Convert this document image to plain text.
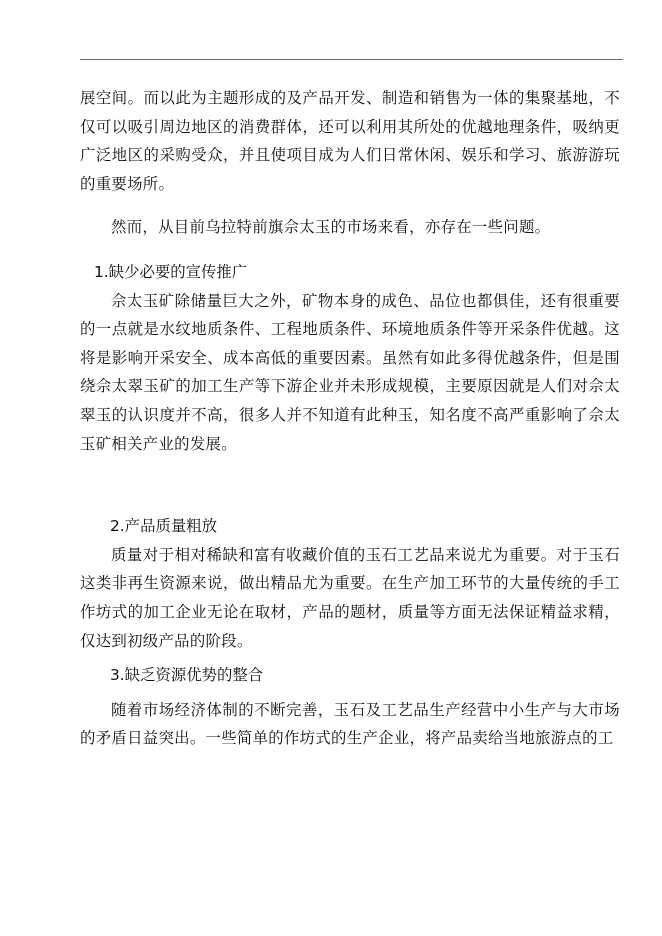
展空间。而以此为主题形成的及产品开发、制造和销售为一体的集聚基地，不仅可以吸引周边地区的消费群体，还可以利用其所处的优越地理条件，吸纳更广泛地区的采购受众，并且使项目成为人们日常休闲、娱乐和学习、旅游游玩的重要场所。

然而，从目前乌拉特前旗佘太玉的市场来看，亦存在一些问题。

1.缺少必要的宣传推广

佘太玉矿除储量巨大之外，矿物本身的成色、品位也都俱佳，还有很重要的一点就是水纹地质条件、工程地质条件、环境地质条件等开采条件优越。这将是影响开采安全、成本高低的重要因素。虽然有如此多得优越条件，但是围绕佘太翠玉矿的加工生产等下游企业并未形成规模，主要原因就是人们对佘太翠玉的认识度并不高，很多人并不知道有此种玉，知名度不高严重影响了佘太玉矿相关产业的发展。

2.产品质量粗放

质量对于相对稀缺和富有收藏价值的玉石工艺品来说尤为重要。对于玉石这类非再生资源来说，做出精品尤为重要。在生产加工环节的大量传统的手工作坊式的加工企业无论在取材，产品的题材，质量等方面无法保证精益求精，仅达到初级产品的阶段。

3.缺乏资源优势的整合

随着市场经济体制的不断完善，玉石及工艺品生产经营中小生产与大市场的矛盾日益突出。一些简单的作坊式的生产企业，将产品卖给当地旅游点的工
